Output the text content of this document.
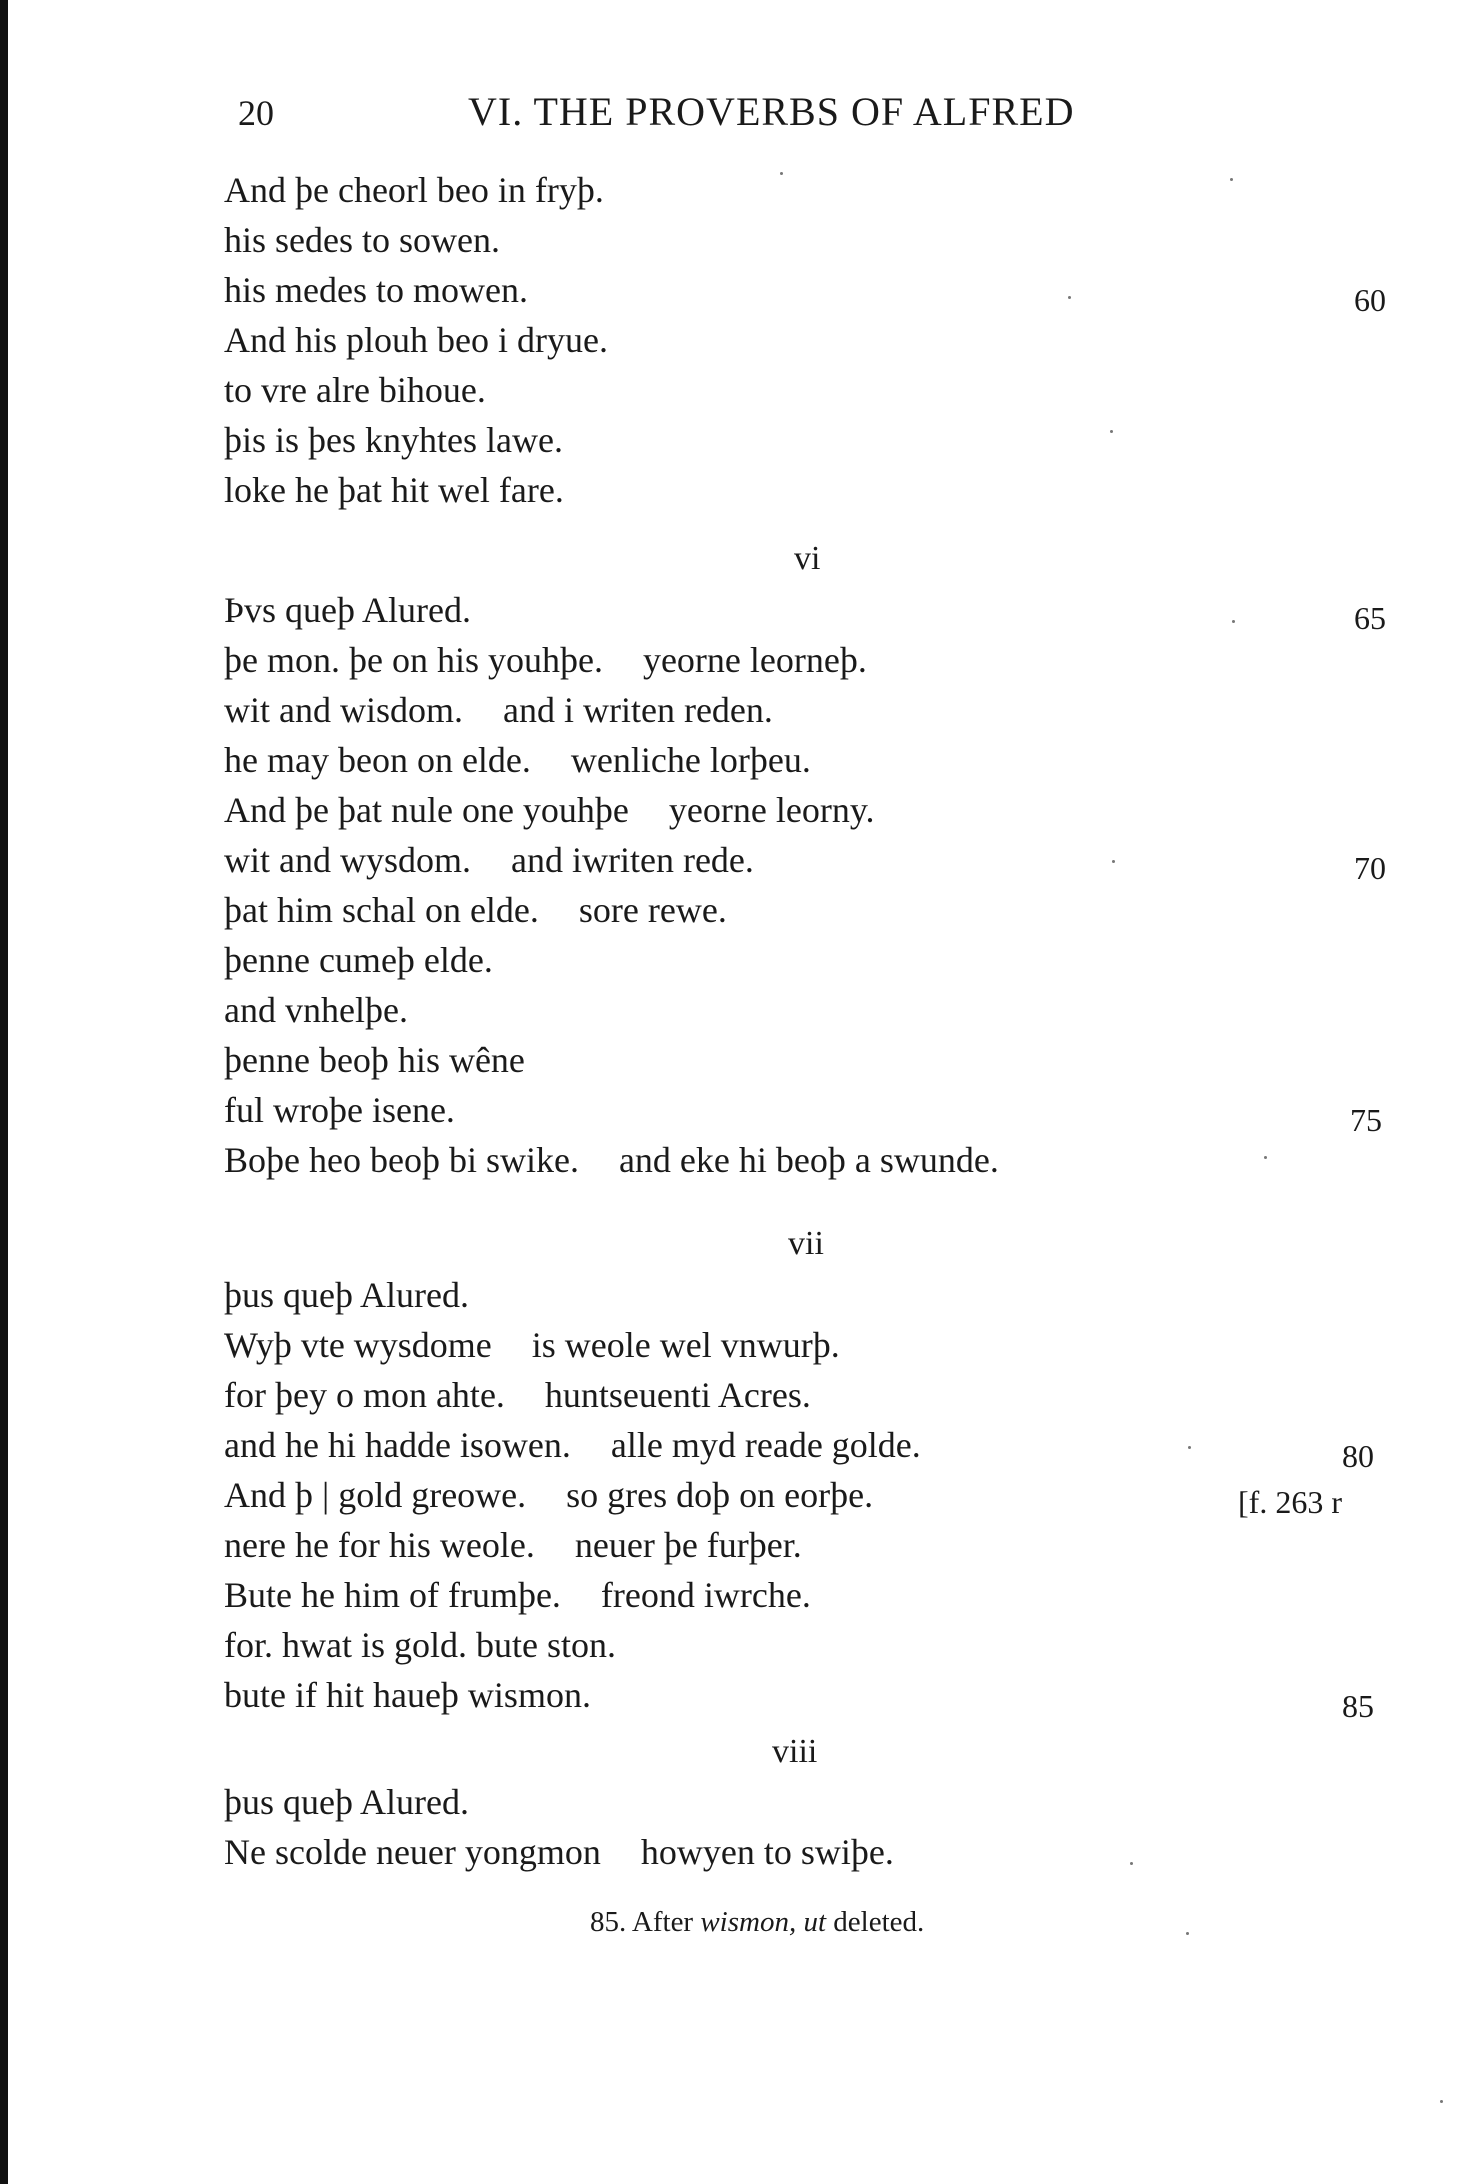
20	VI. THE PROVERBS OF ALFRED
And þe cheorl beo in fryþ.
his sedes to sowen.
his medes to mowen.
And his plouh beo i dryue.
to vre alre bihoue.
þis is þes knyhtes lawe.
loke he þat hit wel fare.
vi
Þvs queþ Alured.
þe mon. þe on his youhþe. yeorne leorneþ.
wit and wisdom. and i writen reden.
he may beon on elde. wenliche lorþeu.
And þe þat nule one youhþe yeorne leorny.
wit and wysdom. and iwriten rede.
þat him schal on elde. sore rewe.
þenne cumeþ elde.
and vnhelþe.
þenne beoþ his wêne
ful wroþe isene.
Boþe heo beoþ bi swike. and eke hi beoþ a swunde.
vii
þus queþ Alured.
Wyþ vte wysdome is weole wel vnwurþ.
for þey o mon ahte. huntseuenti Acres.
and he hi hadde isowen. alle myd reade golde.
And þ | gold greowe. so gres doþ on eorþe.
nere he for his weole. neuer þe furþer.
Bute he him of frumþe. freond iwrche.
for. hwat is gold. bute ston.
bute if hit haueþ wismon.
viii
þus queþ Alured.
Ne scolde neuer yongmon howyen to swiþe.
60
65
70
75
80
[f. 263 r
85
85. After wismon, ut deleted.
